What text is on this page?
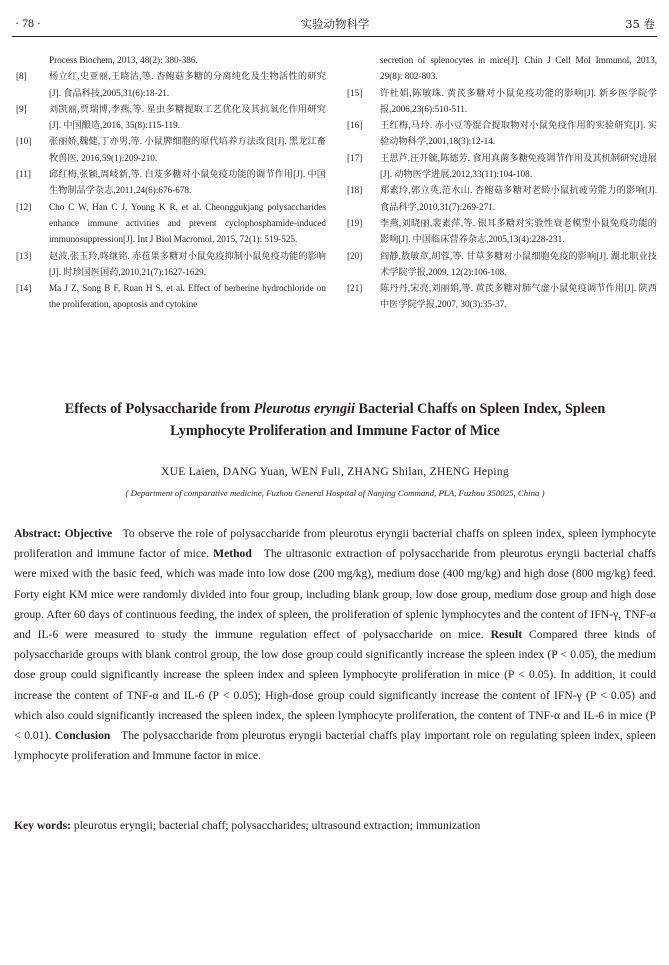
· 78 ·	实验动物科学	35 卷
Process Biochem, 2013, 48(2): 380-386.
[8]	杨立红,史亚丽,王晓洁,等. 杏鲍菇多糖的分离纯化及生物活性的研究[J]. 食品科技,2005,31(6):18-21.
[9]	刘凯丽,贾瑞博,李燕,等. 星虫多糖提取工艺优化及其抗氧化作用研究[J]. 中国酿造,2016, 35(8):115-119.
[10]	张丽娇,魏健,丁亦男,等. 小鼠脾细胞的原代培养方法改良[J]. 黑龙江畜牧兽医, 2016,59(1):209-210.
[11]	邱红梅,张颖,周岐新,等. 白芨多糖对小鼠免疫功能的调节作用[J]. 中国生物制品学杂志,2011,24(6):676-678.
[12]	Cho C W, Han C J, Young K R, et al. Cheonggukjang polysaccharides enhance immune activities and prevent cyclophosphamide-induced immunosuppression[J]. Int J Biol Macromol, 2015, 72(1): 519-525.
[13]	赵波,张玉玲,咚继铭. 赤苞果多糖对小鼠免疫抑制小鼠免疫功能的影响[J]. 时珍国医国药,2010,21(7):1627-1629.
[14]	Ma J Z, Song B F, Ruan H S, et al. Effect of berberine hydrochloride on the proliferation, apoptosis and cytokine
secretion of splenocytes in mice[J]. Chin J Cell Mol Immunol, 2013, 29(8): 802-803.
[15]	许杜娟,陈敏珠. 黄芪多糖对小鼠免疫功能的影响[J]. 新乡医学院学报,2006,23(6):510-511.
[16]	王红梅,马玲. 赤小豆等混合提取物对小鼠免疫作用的实验研究[J]. 实验动物科学,2001,18(3):12-14.
[17]	王思芦,汪开毓,陈德芳. 食用真菌多糖免疫调节作用及其机制研究进展[J]. 动物医学进展,2012,33(11):104-108.
[18]	郑素玲,郭立英,范水山. 杏鲍菇多糖对老龄小鼠抗疲劳能力的影响[J]. 食品科学,2010,31(7):269-271.
[19]	李燕,刘晓丽,裴素萍,等. 银耳多糖对实验性衰老模型小鼠免疫功能的影响[J]. 中国临床营养杂志,2005,13(4):228-231.
[20]	阎静,敖敏章,胡蓉,等. 甘草多糖对小鼠细胞免疫的影响[J]. 湖北职业技术学院学报,2009, 12(2):106-108.
[21]	陈丹丹,宋亮,刘丽娟,等. 黄芪多糖对肺气虚小鼠免疫调节作用[J]. 陕西中医学院学报,2007, 30(3):35-37.
Effects of Polysaccharide from Pleurotus eryngii Bacterial Chaffs on Spleen Index, Spleen Lymphocyte Proliferation and Immune Factor of Mice
XUE Laien, DANG Yuan, WEN Fuli, ZHANG Shilan, ZHENG Heping
( Department of comparative medicine, Fuzhou General Hospital of Nanjing Command, PLA, Fuzhou 350025, China )
Abstract: Objective To observe the role of polysaccharide from pleurotus eryngii bacterial chaffs on spleen index, spleen lymphocyte proliferation and immune factor of mice. Method The ultrasonic extraction of polysaccharide from pleurotus eryngii bacterial chaffs were mixed with the basic feed, which was made into low dose (200 mg/kg), medium dose (400 mg/kg) and high dose (800 mg/kg) feed. Forty eight KM mice were randomly divided into four group, including blank group, low dose group, medium dose group and high dose group. After 60 days of continuous feeding, the index of spleen, the proliferation of splenic lymphocytes and the content of IFN-γ, TNF-α and IL-6 were measured to study the immune regulation effect of polysaccharide on mice. Result Compared three kinds of polysaccharide groups with blank control group, the low dose group could significantly increase the spleen index (P < 0.05), the medium dose group could significantly increase the spleen index and spleen lymphocyte proliferation in mice (P < 0.05). In addition, it could increase the content of TNF-α and IL-6 (P < 0.05); High-dose group could significantly increase the content of IFN-γ (P < 0.05) and which also could significantly increased the spleen index, the spleen lymphocyte proliferation, the content of TNF-α and IL-6 in mice (P < 0.01). Conclusion The polysaccharide from pleurotus eryngii bacterial chaffs play important role on regulating spleen index, spleen lymphocyte proliferation and Immune factor in mice.
Key words: pleurotus eryngii; bacterial chaff; polysaccharides; ultrasound extraction; immunization
